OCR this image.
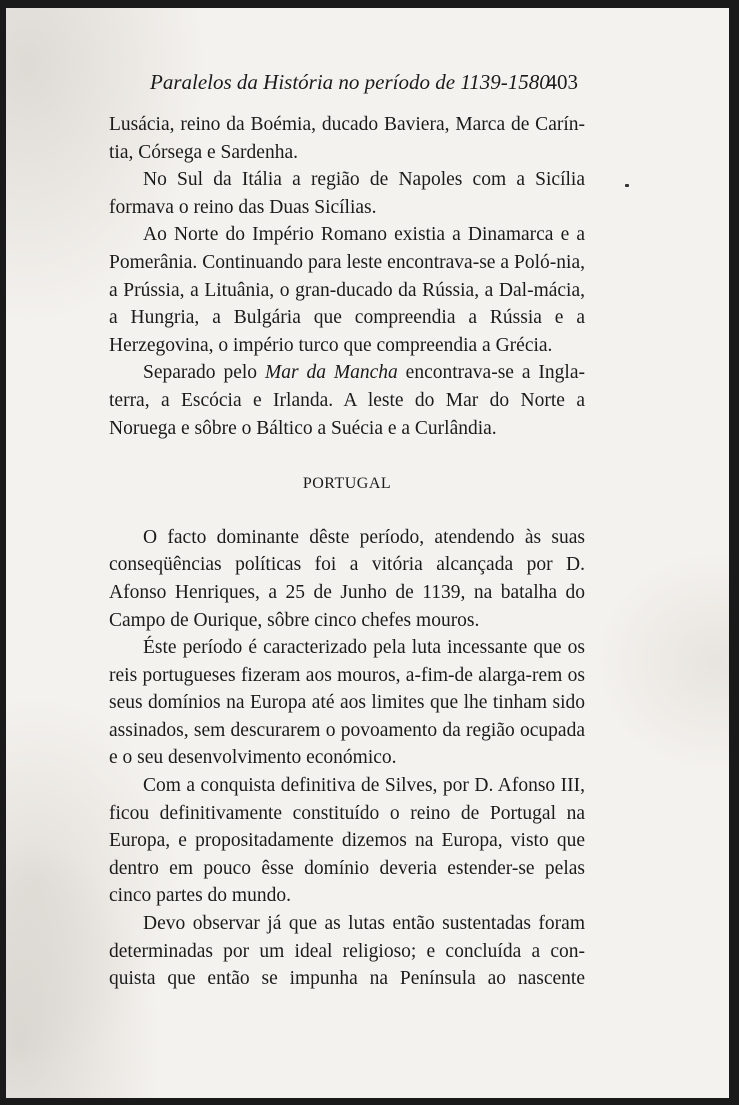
Paralelos da História no período de 1139-1580
403

Lusácia, reino da Boémia, ducado Baviera, Marca de Carín-tia, Córsega e Sardenha.

No Sul da Itália a região de Napoles com a Sicília formava o reino das Duas Sicílias.

Ao Norte do Império Romano existia a Dinamarca e a Pomerânia. Continuando para leste encontrava-se a Poló-nia, a Prússia, a Lituânia, o gran-ducado da Rússia, a Dal-mácia, a Hungria, a Bulgária que compreendia a Rússia e a Herzegovina, o império turco que compreendia a Grécia.

Separado pelo Mar da Mancha encontrava-se a Ingla-terra, a Escócia e Irlanda. A leste do Mar do Norte a Noruega e sôbre o Báltico a Suécia e a Curlândia.

PORTUGAL

O facto dominante dêste período, atendendo às suas conseqüências políticas foi a vitória alcançada por D. Afonso Henriques, a 25 de Junho de 1139, na batalha do Campo de Ourique, sôbre cinco chefes mouros.

Éste período é caracterizado pela luta incessante que os reis portugueses fizeram aos mouros, a-fim-de alarga-rem os seus domínios na Europa até aos limites que lhe tinham sido assinados, sem descurarem o povoamento da região ocupada e o seu desenvolvimento económico.

Com a conquista definitiva de Silves, por D. Afonso III, ficou definitivamente constituído o reino de Portugal na Europa, e propositadamente dizemos na Europa, visto que dentro em pouco êsse domínio deveria estender-se pelas cinco partes do mundo.

Devo observar já que as lutas então sustentadas foram determinadas por um ideal religioso; e concluída a con-quista que então se impunha na Península ao nascente
